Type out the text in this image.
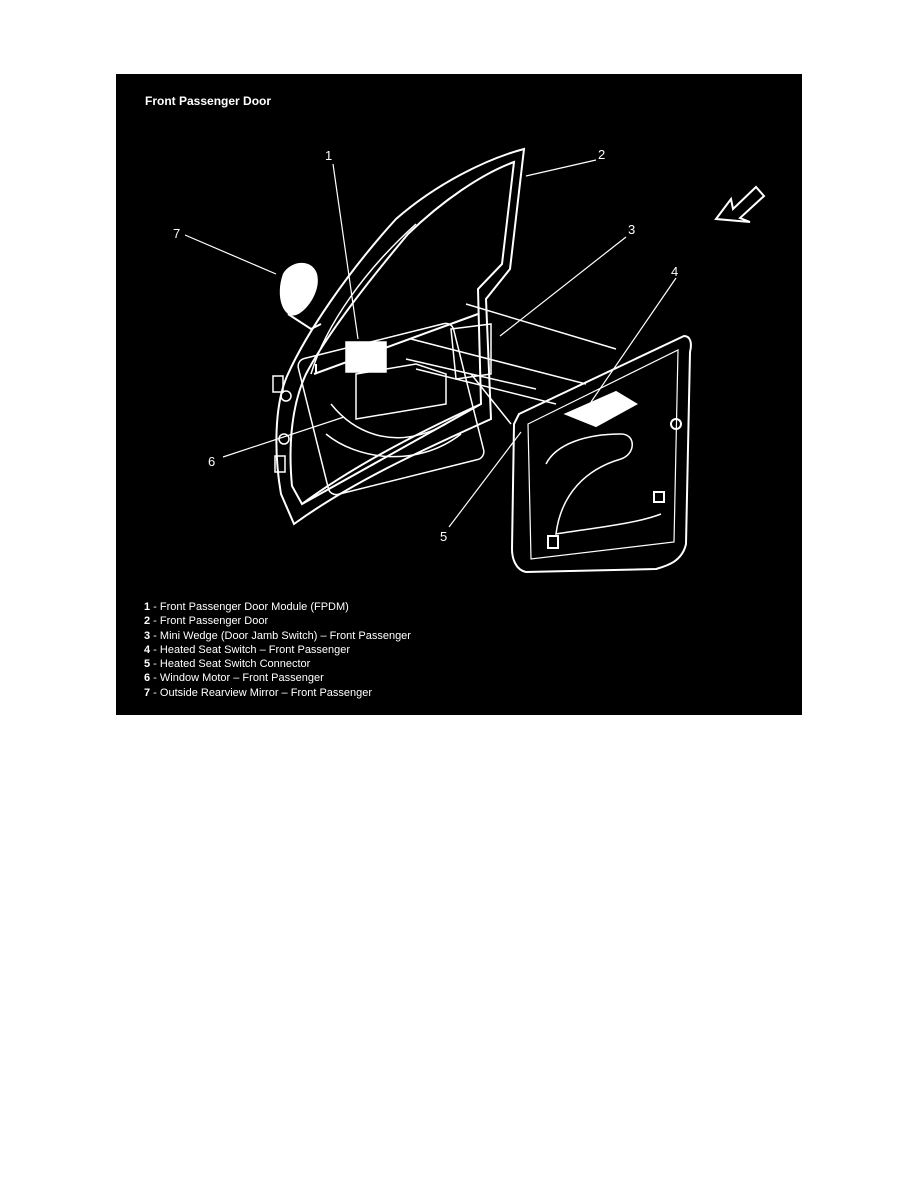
Front Passenger Door
1	2
3
4
5
6
7
1 - Front Passenger Door Module (FPDM)
2 - Front Passenger Door
3 - Mini Wedge (Door Jamb Switch) – Front Passenger
4 - Heated Seat Switch – Front Passenger
5 - Heated Seat Switch Connector
6 - Window Motor – Front Passenger
7 - Outside Rearview Mirror – Front Passenger
